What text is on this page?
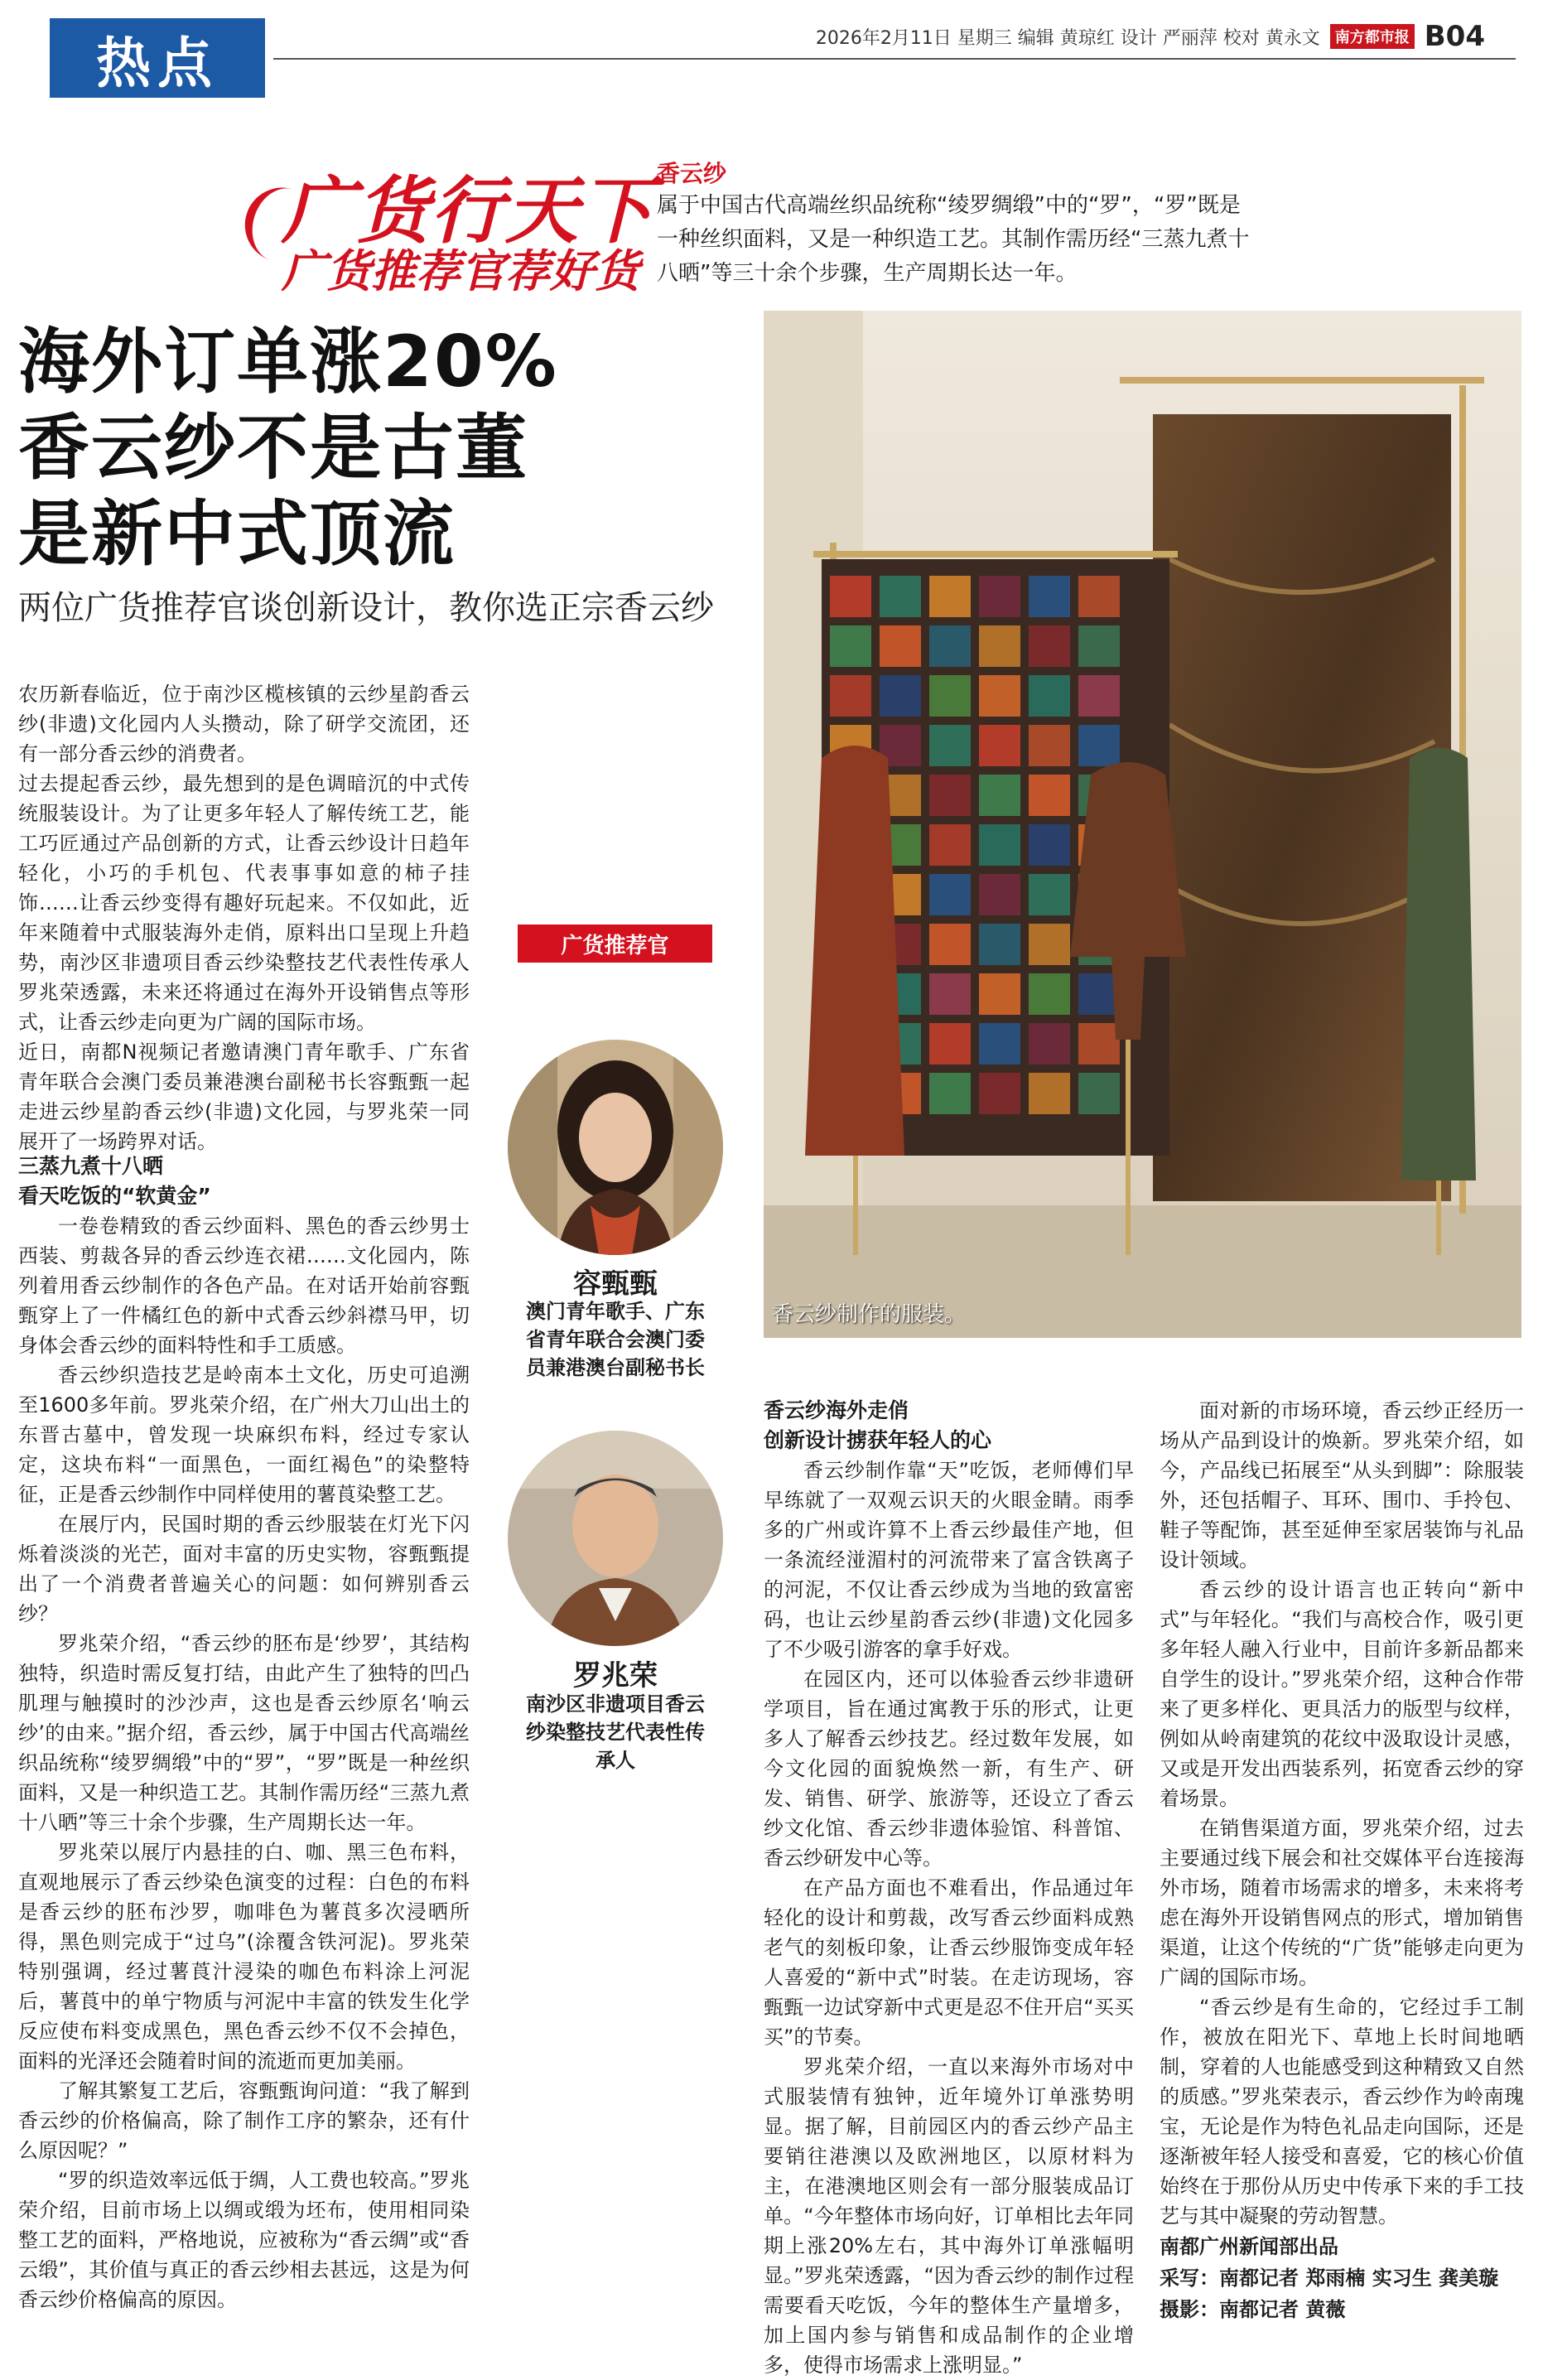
热点	2026年2月11日 星期三 编辑 黄琼红 设计 严丽萍 校对 黄永文	南方都市报 B04
广货行天下
广货推荐官荐好货
香云纱
属于中国古代高端丝织品统称“绫罗绸缎”中的“罗”，“罗”既是一种丝织面料，又是一种织造工艺。其制作需历经“三蒸九煮十八晒”等三十余个步骤，生产周期长达一年。
海外订单涨20%
香云纱不是古董
是新中式顶流
两位广货推荐官谈创新设计，教你选正宗香云纱

农历新春临近，位于南沙区榄核镇的云纱星韵香云纱(非遗)文化园内人头攒动，除了研学交流团，还有一部分香云纱的消费者。

过去提起香云纱，最先想到的是色调暗沉的中式传统服装设计。为了让更多年轻人了解传统工艺，能工巧匠通过产品创新的方式，让香云纱设计日趋年轻化，小巧的手机包、代表事事如意的柿子挂饰……让香云纱变得有趣好玩起来。不仅如此，近年来随着中式服装海外走俏，原料出口呈现上升趋势，南沙区非遗项目香云纱染整技艺代表性传承人罗兆荣透露，未来还将通过在海外开设销售点等形式，让香云纱走向更为广阔的国际市场。

近日，南都N视频记者邀请澳门青年歌手、广东省青年联合会澳门委员兼港澳台副秘书长容甄甄一起走进云纱星韵香云纱(非遗)文化园，与罗兆荣一同展开了一场跨界对话。

三蒸九煮十八晒
看天吃饭的“软黄金”

一卷卷精致的香云纱面料、黑色的香云纱男士西装、剪裁各异的香云纱连衣裙……文化园内，陈列着用香云纱制作的各色产品。在对话开始前容甄甄穿上了一件橘红色的新中式香云纱斜襟马甲，切身体会香云纱的面料特性和手工质感。

香云纱织造技艺是岭南本土文化，历史可追溯至1600多年前。罗兆荣介绍，在广州大刀山出土的东晋古墓中，曾发现一块麻织布料，经过专家认定，这块布料“一面黑色，一面红褐色”的染整特征，正是香云纱制作中同样使用的薯莨染整工艺。

在展厅内，民国时期的香云纱服装在灯光下闪烁着淡淡的光芒，面对丰富的历史实物，容甄甄提出了一个消费者普遍关心的问题：如何辨别香云纱？

罗兆荣介绍，“香云纱的胚布是‘纱罗’，其结构独特，织造时需反复打结，由此产生了独特的凹凸肌理与触摸时的沙沙声，这也是香云纱原名‘响云纱’的由来。”据介绍，香云纱，属于中国古代高端丝织品统称“绫罗绸缎”中的“罗”，“罗”既是一种丝织面料，又是一种织造工艺。其制作需历经“三蒸九煮十八晒”等三十余个步骤，生产周期长达一年。

罗兆荣以展厅内悬挂的白、咖、黑三色布料，直观地展示了香云纱染色演变的过程：白色的布料是香云纱的胚布沙罗，咖啡色为薯莨多次浸晒所得，黑色则完成于“过乌”(涂覆含铁河泥)。罗兆荣特别强调，经过薯莨汁浸染的咖色布料涂上河泥后，薯莨中的单宁物质与河泥中丰富的铁发生化学反应使布料变成黑色，黑色香云纱不仅不会掉色，面料的光泽还会随着时间的流逝而更加美丽。

了解其繁复工艺后，容甄甄询问道：“我了解到香云纱的价格偏高，除了制作工序的繁杂，还有什么原因呢？”

“罗的织造效率远低于绸，人工费也较高。”罗兆荣介绍，目前市场上以绸或缎为坯布，使用相同染整工艺的面料，严格地说，应被称为“香云绸”或“香云缎”，其价值与真正的香云纱相去甚远，这是为何香云纱价格偏高的原因。

广货推荐官
容甄甄
澳门青年歌手、广东省青年联合会澳门委员兼港澳台副秘书长
罗兆荣
南沙区非遗项目香云纱染整技艺代表性传承人
香云纱制作的服装。
香云纱海外走俏
创新设计掳获年轻人的心

香云纱制作靠“天”吃饭，老师傅们早早练就了一双观云识天的火眼金睛。雨季多的广州或许算不上香云纱最佳产地，但一条流经湴湄村的河流带来了富含铁离子的河泥，不仅让香云纱成为当地的致富密码，也让云纱星韵香云纱(非遗)文化园多了不少吸引游客的拿手好戏。

在园区内，还可以体验香云纱非遗研学项目，旨在通过寓教于乐的形式，让更多人了解香云纱技艺。经过数年发展，如今文化园的面貌焕然一新，有生产、研发、销售、研学、旅游等，还设立了香云纱文化馆、香云纱非遗体验馆、科普馆、香云纱研发中心等。

在产品方面也不难看出，作品通过年轻化的设计和剪裁，改写香云纱面料成熟老气的刻板印象，让香云纱服饰变成年轻人喜爱的“新中式”时装。在走访现场，容甄甄一边试穿新中式更是忍不住开启“买买买”的节奏。

罗兆荣介绍，一直以来海外市场对中式服装情有独钟，近年境外订单涨势明显。据了解，目前园区内的香云纱产品主要销往港澳以及欧洲地区，以原材料为主，在港澳地区则会有一部分服装成品订单。“今年整体市场向好，订单相比去年同期上涨20%左右，其中海外订单涨幅明显。”罗兆荣透露，“因为香云纱的制作过程需要看天吃饭，今年的整体生产量增多，加上国内参与销售和成品制作的企业增多，使得市场需求上涨明显。”

面对新的市场环境，香云纱正经历一场从产品到设计的焕新。罗兆荣介绍，如今，产品线已拓展至“从头到脚”：除服装外，还包括帽子、耳环、围巾、手拎包、鞋子等配饰，甚至延伸至家居装饰与礼品设计领域。

香云纱的设计语言也正转向“新中式”与年轻化。“我们与高校合作，吸引更多年轻人融入行业中，目前许多新品都来自学生的设计。”罗兆荣介绍，这种合作带来了更多样化、更具活力的版型与纹样，例如从岭南建筑的花纹中汲取设计灵感，又或是开发出西装系列，拓宽香云纱的穿着场景。

在销售渠道方面，罗兆荣介绍，过去主要通过线下展会和社交媒体平台连接海外市场，随着市场需求的增多，未来将考虑在海外开设销售网点的形式，增加销售渠道，让这个传统的“广货”能够走向更为广阔的国际市场。

“香云纱是有生命的，它经过手工制作，被放在阳光下、草地上长时间地晒制，穿着的人也能感受到这种精致又自然的质感。”罗兆荣表示，香云纱作为岭南瑰宝，无论是作为特色礼品走向国际，还是逐渐被年轻人接受和喜爱，它的核心价值始终在于那份从历史中传承下来的手工技艺与其中凝聚的劳动智慧。

南都广州新闻部出品
采写：南都记者 郑雨楠 实习生 龚美璇
摄影：南都记者 黄薇
